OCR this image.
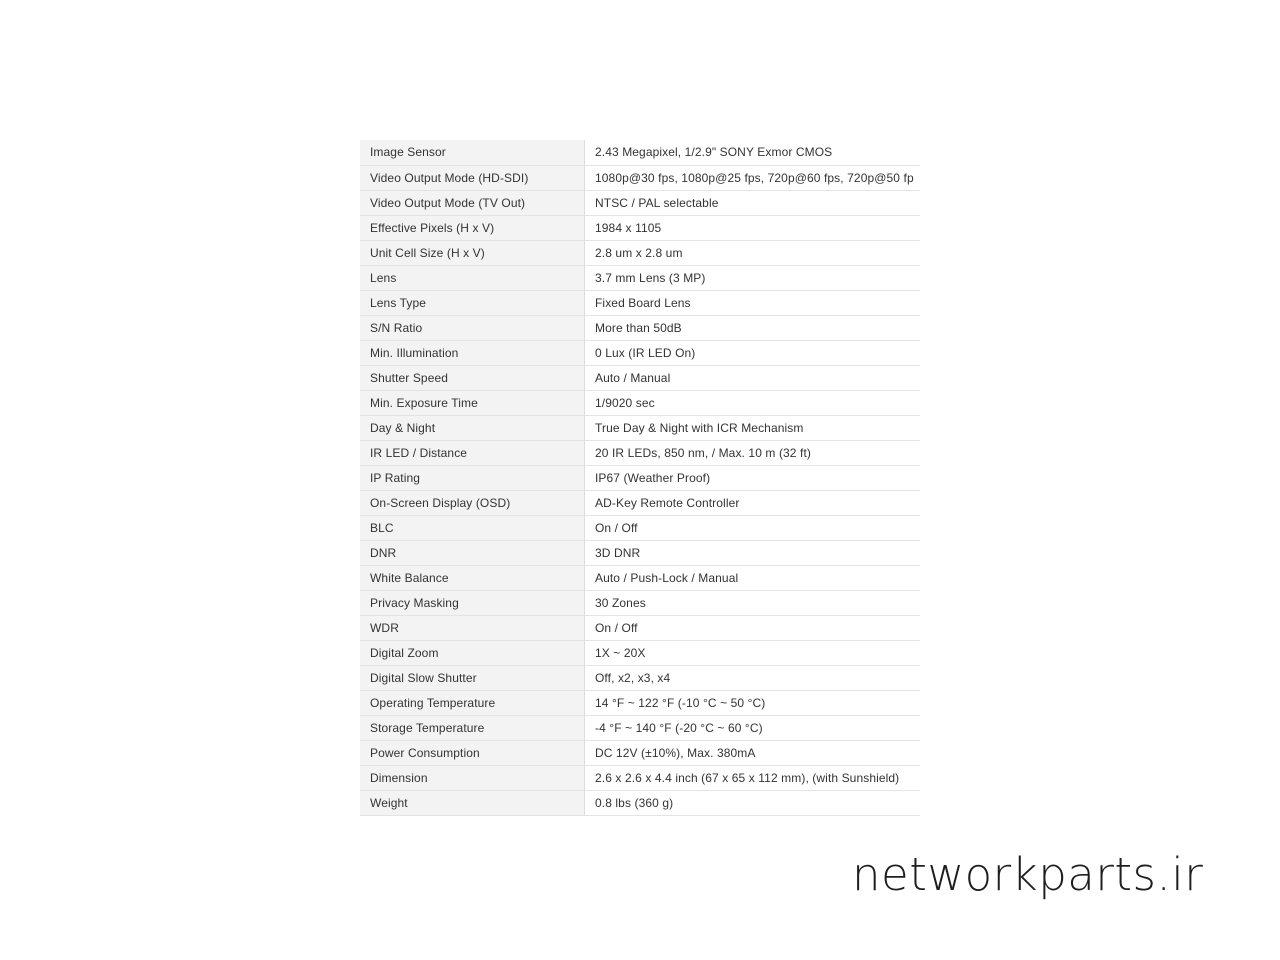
Image Sensor	2.43 Megapixel, 1/2.9" SONY Exmor CMOS
Video Output Mode (HD-SDI)	1080p@30 fps, 1080p@25 fps, 720p@60 fps, 720p@50 fp
Video Output Mode (TV Out)	NTSC / PAL selectable
Effective Pixels (H x V)	1984 x 1105
Unit Cell Size (H x V)	2.8 um x 2.8 um
Lens	3.7 mm Lens (3 MP)
Lens Type	Fixed Board Lens
S/N Ratio	More than 50dB
Min. Illumination	0 Lux (IR LED On)
Shutter Speed	Auto / Manual
Min. Exposure Time	1/9020 sec
Day & Night	True Day & Night with ICR Mechanism
IR LED / Distance	20 IR LEDs, 850 nm, / Max. 10 m (32 ft)
IP Rating	IP67 (Weather Proof)
On-Screen Display (OSD)	AD-Key Remote Controller
BLC	On / Off
DNR	3D DNR
White Balance	Auto / Push-Lock / Manual
Privacy Masking	30 Zones
WDR	On / Off
Digital Zoom	1X ~ 20X
Digital Slow Shutter	Off, x2, x3, x4
Operating Temperature	14 °F ~ 122 °F (-10 °C ~ 50 °C)
Storage Temperature	-4 °F ~ 140 °F (-20 °C ~ 60 °C)
Power Consumption	DC 12V (±10%), Max. 380mA
Dimension	2.6 x 2.6 x 4.4 inch (67 x 65 x 112 mm), (with Sunshield)
Weight	0.8 lbs (360 g)
networkparts.ir
